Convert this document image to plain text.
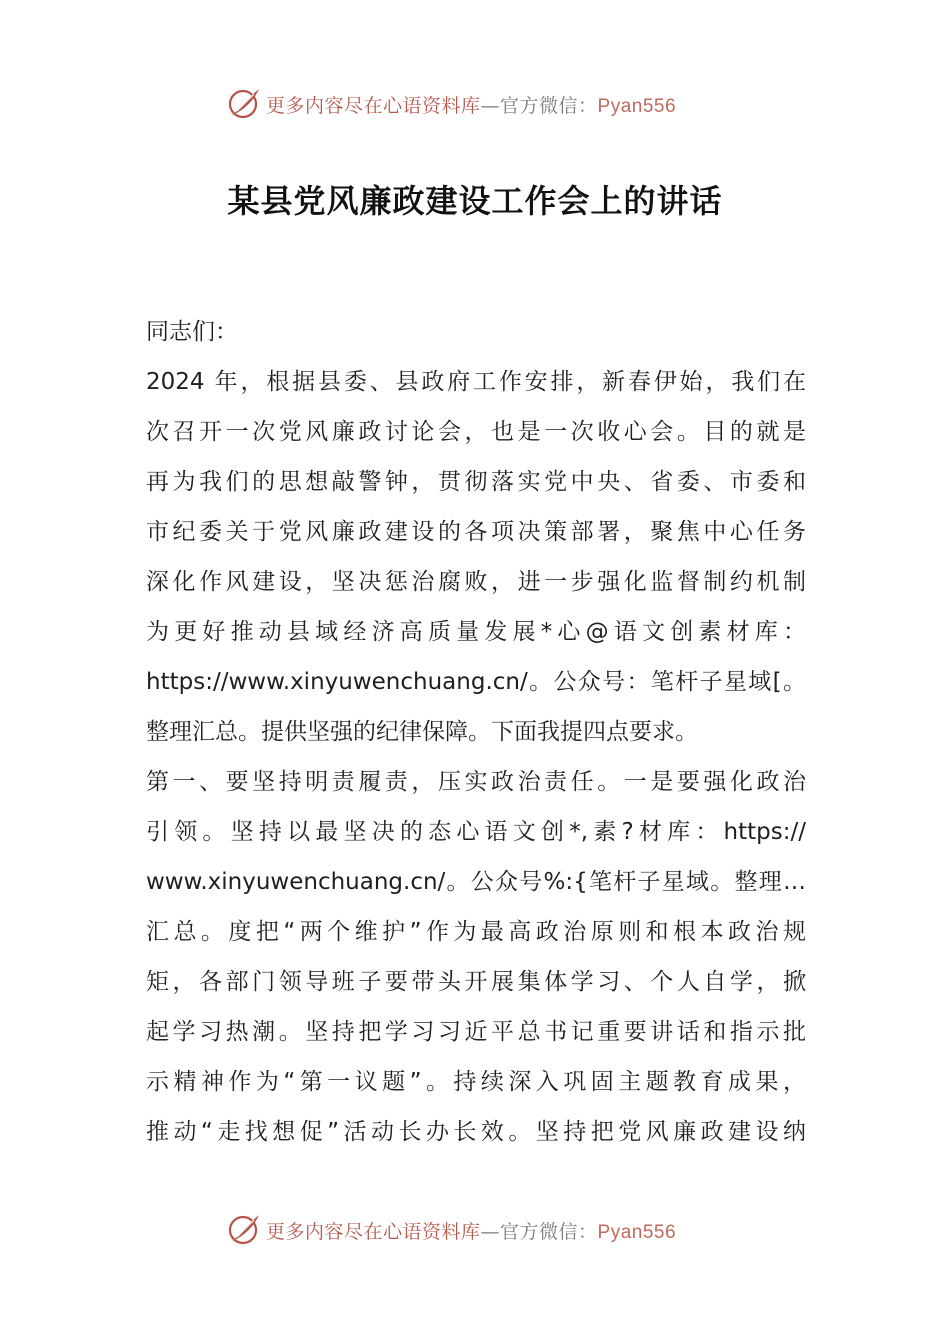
更多内容尽在心语资料库—官方微信：Pyan556
某县党风廉政建设工作会上的讲话
同志们：
2024 年，根据县委、县政府工作安排，新春伊始，我们在
次召开一次党风廉政讨论会，也是一次收心会。目的就是
再为我们的思想敲警钟，贯彻落实党中央、省委、市委和
市纪委关于党风廉政建设的各项决策部署，聚焦中心任务
深化作风建设，坚决惩治腐败，进一步强化监督制约机制
为更好推动县域经济高质量发展*心@语文创素材库：
https://www.xinyuwenchuang.cn/。公众号：笔杆子星域[。
整理汇总。提供坚强的纪律保障。下面我提四点要求。
第一、要坚持明责履责，压实政治责任。一是要强化政治
引领。坚持以最坚决的态心语文创*,素?材库：https://
www.xinyuwenchuang.cn/。公众号%:{笔杆子星域。整理…
汇总。度把“两个维护”作为最高政治原则和根本政治规
矩，各部门领导班子要带头开展集体学习、个人自学，掀
起学习热潮。坚持把学习习近平总书记重要讲话和指示批
示精神作为“第一议题”。持续深入巩固主题教育成果，
推动“走找想促”活动长办长效。坚持把党风廉政建设纳
更多内容尽在心语资料库—官方微信：Pyan556
